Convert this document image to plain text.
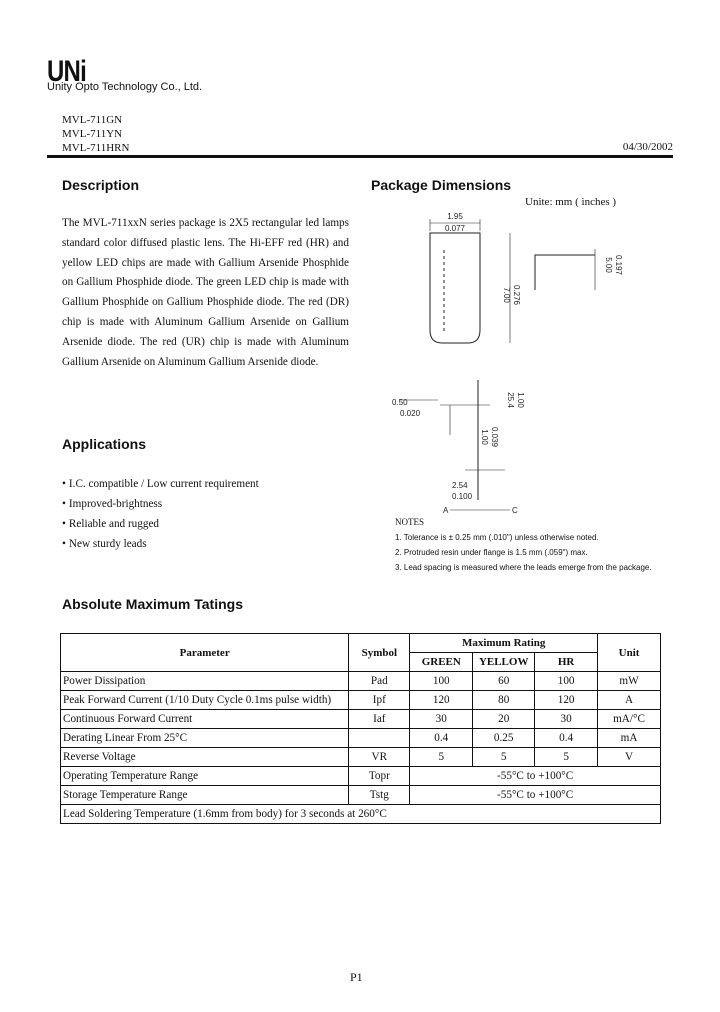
UNi
Unity Opto Technology Co., Ltd.
MVL-711GN
MVL-711YN
MVL-711HRN	04/30/2002
Description
The MVL-711xxN series package is 2X5 rectangular led lamps standard color diffused plastic lens. The Hi-EFF red (HR) and yellow LED chips are made with Gallium Arsenide Phosphide on Gallium Phosphide diode. The green LED chip is made with Gallium Phosphide on Gallium Phosphide diode. The red (DR) chip is made with Aluminum Gallium Arsenide on Gallium Arsenide diode. The red (UR) chip is made with Aluminum Gallium Arsenide on Aluminum Gallium Arsenide diode.
Applications
• I.C. compatible / Low current requirement
• Improved-brightness
• Reliable and rugged
• New sturdy leads
Package Dimensions
Unite: mm ( inches )
1.95
0.077
7.00 0.276
5.00 0.197
25.4 1.00
0.50
0.020
1.00 0.039
2.54
0.100
A	C
NOTES
1. Tolerance is ± 0.25 mm (.010") unless otherwise noted.
2. Protruded resin under flange is 1.5 mm (.059") max.
3. Lead spacing is measured where the leads emerge from the package.
Absolute Maximum Tatings
Parameter	Symbol	Maximum Rating			Unit
		GREEN	YELLOW	HR	
Power Dissipation	Pad	100	60	100	mW
Peak Forward Current (1/10 Duty Cycle 0.1ms pulse width)	Ipf	120	80	120	A
Continuous Forward Current	Iaf	30	20	30	mA/°C
Derating Linear From 25°C		0.4	0.25	0.4	mA
Reverse Voltage	VR	5	5	5	V
Operating Temperature Range	Topr	-55°C to +100°C			
Storage Temperature Range	Tstg	-55°C to +100°C			
Lead Soldering Temperature (1.6mm from body) for 3 seconds at 260°C					
P1
